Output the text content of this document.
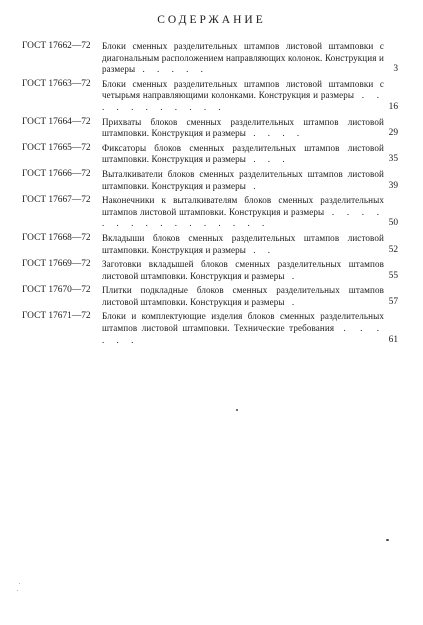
СОДЕРЖАНИЕ
ГОСТ 17662—72	Блоки сменных разделительных штампов листовой штамповки с диагональным расположением направляющих колонок. Конструкция и размеры . . . . .	3
ГОСТ 17663—72	Блоки сменных разделительных штампов листовой штамповки с четырьмя направляющими колонками. Конструкция и размеры . . . . . . . . . . .	16
ГОСТ 17664—72	Прихваты блоков сменных разделительных штампов листовой штамповки. Конструкция и размеры . . . .	29
ГОСТ 17665—72	Фиксаторы блоков сменных разделительных штампов листовой штамповки. Конструкция и размеры . . .	35
ГОСТ 17666—72	Выталкиватели блоков сменных разделительных штампов листовой штамповки. Конструкция и размеры .	39
ГОСТ 17667—72	Наконечники к выталкивателям блоков сменных разделительных штампов листовой штамповки. Конструкция и размеры . . . . . . . . . . . . . . . .	50
ГОСТ 17668—72	Вкладыши блоков сменных разделительных штампов листовой штамповки. Конструкция и размеры . .	52
ГОСТ 17669—72	Заготовки вкладышей блоков сменных разделительных штампов листовой штамповки. Конструкция и размеры .	55
ГОСТ 17670—72	Плитки подкладные блоков сменных разделительных штампов листовой штамповки. Конструкция и размеры .	57
ГОСТ 17671—72	Блоки и комплектующие изделия блоков сменных разделительных штампов листовой штамповки. Технические требования . . . . . .	61
